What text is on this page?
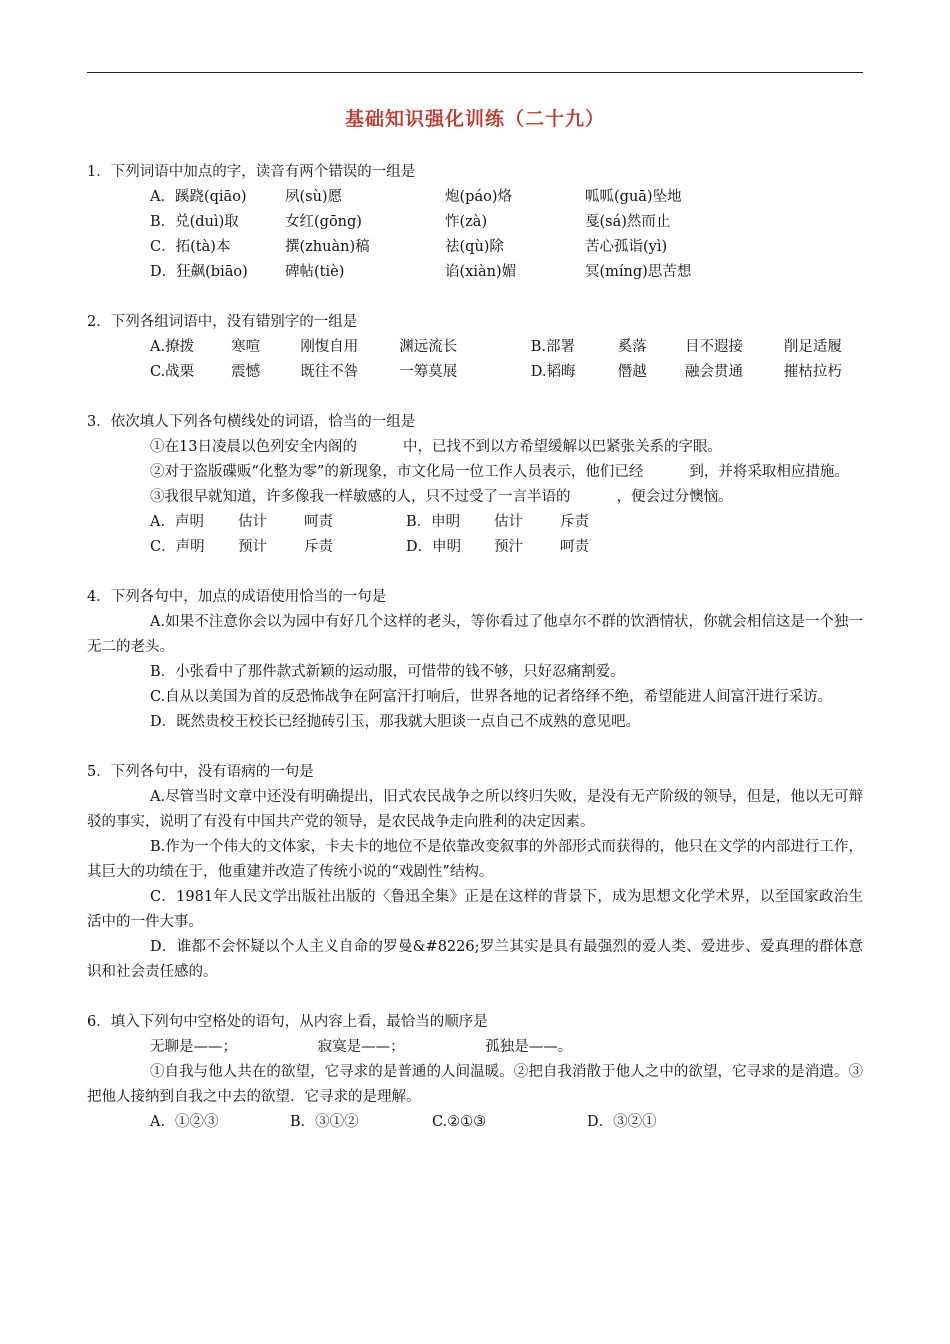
基础知识强化训练（二十九）
1．下列词语中加点的字，读音有两个错误的一组是
A．蹊跷(qiāo)	夙(sù)愿	炮(páo)烙	呱呱(guā)坠地
B．兑(duì)取	女红(gōng)	怍(zà)	戛(sá)然而止
C．拓(tà)本	撰(zhuàn)稿	祛(qù)除	苦心孤诣(yì)
D．狂飙(biāo)	碑帖(tiè)	谄(xiàn)媚	冥(míng)思苦想
2．下列各组词语中，没有错别字的一组是
A.撩拨	寒喧	刚愎自用	渊远流长	B.部署	奚落	目不遐接	削足适履
C.战栗	震憾	既往不咎	一筹莫展	D.韬晦	僭越	融会贯通	摧枯拉朽
3．依次填人下列各句横线处的词语，恰当的一组是
①在13日凌晨以色列安全内阁的          中，已找不到以方希望缓解以巴紧张关系的字眼。
②对于盗版碟贩“化整为零”的新现象，市文化局一位工作人员表示，他们已经          到，并将采取相应措施。
③我很早就知道，许多像我一样敏感的人，只不过受了一言半语的          ，便会过分懊恼。
A．声明	估计	呵责	B．申明	估计	斥责
C．声明	预计	斥责	D．申明	预汁	呵责
4．下列各句中，加点的成语使用恰当的一句是
A.如果不注意你会以为园中有好几个这样的老头，等你看过了他卓尔不群的饮酒情状，你就会相信这是一个独一无二的老头。
B．小张看中了那件款式新颖的运动服，可惜带的钱不够，只好忍痛割爱。
C.自从以美国为首的反恐怖战争在阿富汗打响后，世界各地的记者络绎不绝，希望能进人间富汗进行采访。
D．既然贵校王校长已经抛砖引玉，那我就大胆谈一点自己不成熟的意见吧。
5．下列各句中，没有语病的一句是
A.尽管当时文章中还没有明确提出，旧式农民战争之所以终归失败，是没有无产阶级的领导，但是，他以无可辩驳的事实，说明了有没有中国共产党的领导，是农民战争走向胜利的决定因素。
B.作为一个伟大的文体家，卡夫卡的地位不是依靠改变叙事的外部形式而获得的，他只在文学的内部进行工作，其巨大的功绩在于，他重建并改造了传统小说的“戏剧性”结构。
C．1981年人民文学出版社出版的〈鲁迅全集》正是在这样的背景下，成为思想文化学术界，以至国家政治生活中的一件大事。
D．谁都不会怀疑以个人主义自命的罗曼&#8226;罗兰其实是具有最强烈的爱人类、爱进步、爱真理的群体意识和社会责任感的。
6．填入下列句中空格处的语句，从内容上看，最恰当的顺序是
无聊是——；	寂寞是——；	孤独是——。
①自我与他人共在的欲望，它寻求的是普通的人间温暖。②把自我消散于他人之中的欲望，它寻求的是消遣。③把他人接纳到自我之中去的欲望．它寻求的是理解。
A．①②③	B．③①②	C.②①③	D．③②①
